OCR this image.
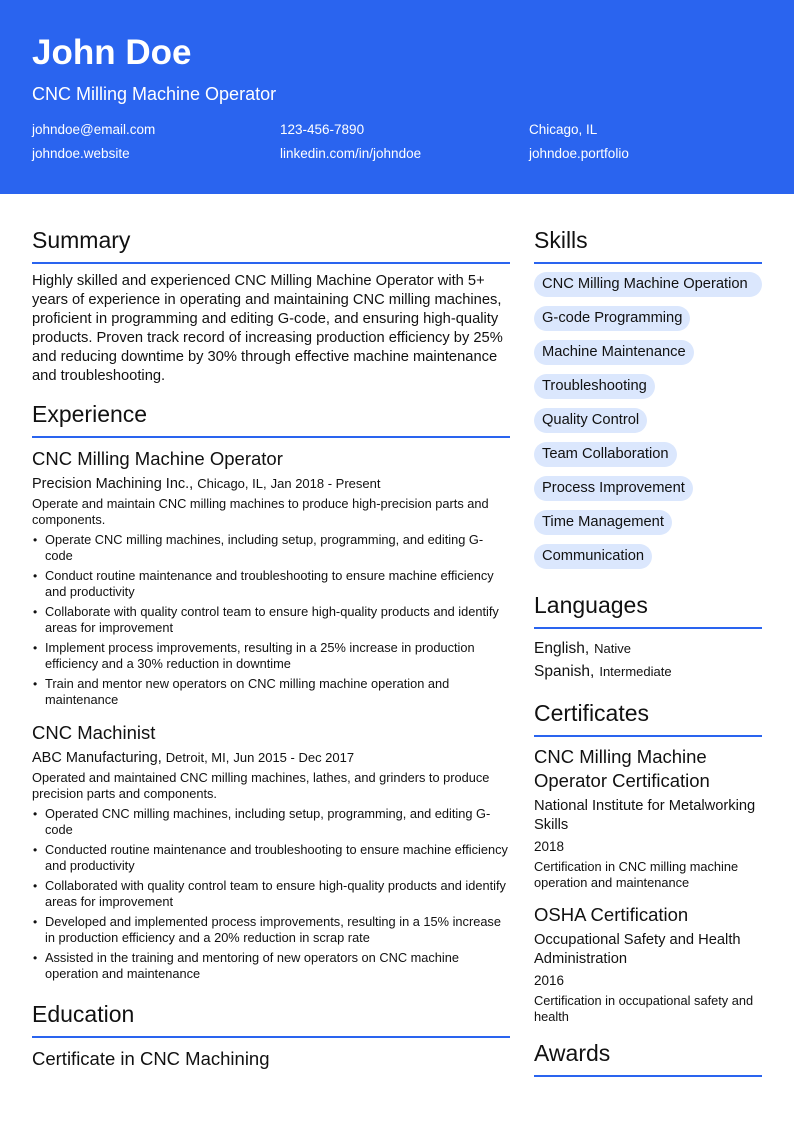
John Doe
CNC Milling Machine Operator
johndoe@email.com	123-456-7890	Chicago, IL
johndoe.website	linkedin.com/in/johndoe	johndoe.portfolio
Summary

Highly skilled and experienced CNC Milling Machine Operator with 5+ years of experience in operating and maintaining CNC milling machines, proficient in programming and editing G-code, and ensuring high-quality products. Proven track record of increasing production efficiency by 25% and reducing downtime by 30% through effective machine maintenance and troubleshooting.

Experience
CNC Milling Machine Operator
Precision Machining Inc., Chicago, IL, Jan 2018 - Present
Operate and maintain CNC milling machines to produce high-precision parts and components.
• Operate CNC milling machines, including setup, programming, and editing G-code
• Conduct routine maintenance and troubleshooting to ensure machine efficiency and productivity
• Collaborate with quality control team to ensure high-quality products and identify areas for improvement
• Implement process improvements, resulting in a 25% increase in production efficiency and a 30% reduction in downtime
• Train and mentor new operators on CNC milling machine operation and maintenance
CNC Machinist
ABC Manufacturing, Detroit, MI, Jun 2015 - Dec 2017
Operated and maintained CNC milling machines, lathes, and grinders to produce precision parts and components.
• Operated CNC milling machines, including setup, programming, and editing G-code
• Conducted routine maintenance and troubleshooting to ensure machine efficiency and productivity
• Collaborated with quality control team to ensure high-quality products and identify areas for improvement
• Developed and implemented process improvements, resulting in a 15% increase in production efficiency and a 20% reduction in scrap rate
• Assisted in the training and mentoring of new operators on CNC machine operation and maintenance
Education
Certificate in CNC Machining
Skills
CNC Milling Machine Operation
G-code Programming
Machine Maintenance
Troubleshooting
Quality Control
Team Collaboration
Process Improvement
Time Management
Communication
Languages
English, Native
Spanish, Intermediate
Certificates
CNC Milling Machine Operator Certification
National Institute for Metalworking Skills
2018
Certification in CNC milling machine operation and maintenance
OSHA Certification
Occupational Safety and Health Administration
2016
Certification in occupational safety and health
Awards
